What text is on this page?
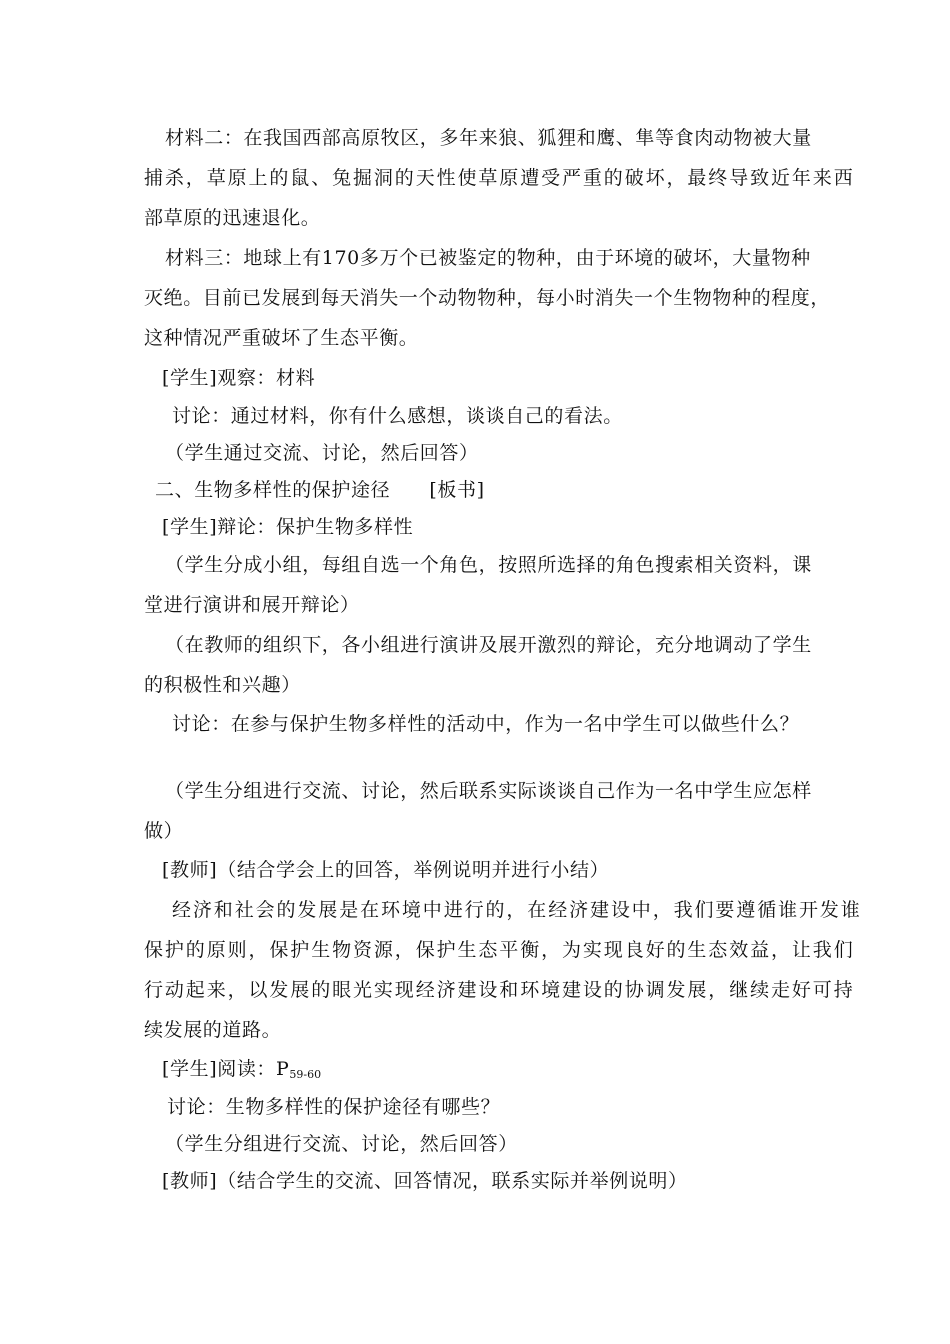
材料二：在我国西部高原牧区，多年来狼、狐狸和鹰、隼等食肉动物被大量
捕杀，草原上的鼠、兔掘洞的天性使草原遭受严重的破坏，最终导致近年来西
部草原的迅速退化。
材料三：地球上有170多万个已被鉴定的物种，由于环境的破坏，大量物种
灭绝。目前已发展到每天消失一个动物物种，每小时消失一个生物物种的程度，
这种情况严重破坏了生态平衡。
[学生]观察：材料
讨论：通过材料，你有什么感想，谈谈自己的看法。
（学生通过交流、讨论，然后回答）
二、生物多样性的保护途径　　[板书]
[学生]辩论：保护生物多样性
（学生分成小组，每组自选一个角色，按照所选择的角色搜索相关资料，课
堂进行演讲和展开辩论）
（在教师的组织下，各小组进行演讲及展开激烈的辩论，充分地调动了学生
的积极性和兴趣）
讨论：在参与保护生物多样性的活动中，作为一名中学生可以做些什么？
（学生分组进行交流、讨论，然后联系实际谈谈自己作为一名中学生应怎样
做）
[教师]（结合学会上的回答，举例说明并进行小结）
经济和社会的发展是在环境中进行的，在经济建设中，我们要遵循谁开发谁
保护的原则，保护生物资源，保护生态平衡，为实现良好的生态效益，让我们
行动起来，以发展的眼光实现经济建设和环境建设的协调发展，继续走好可持
续发展的道路。
[学生]阅读：$P_{59-60}$
讨论：生物多样性的保护途径有哪些？
（学生分组进行交流、讨论，然后回答）
[教师]（结合学生的交流、回答情况，联系实际并举例说明）
